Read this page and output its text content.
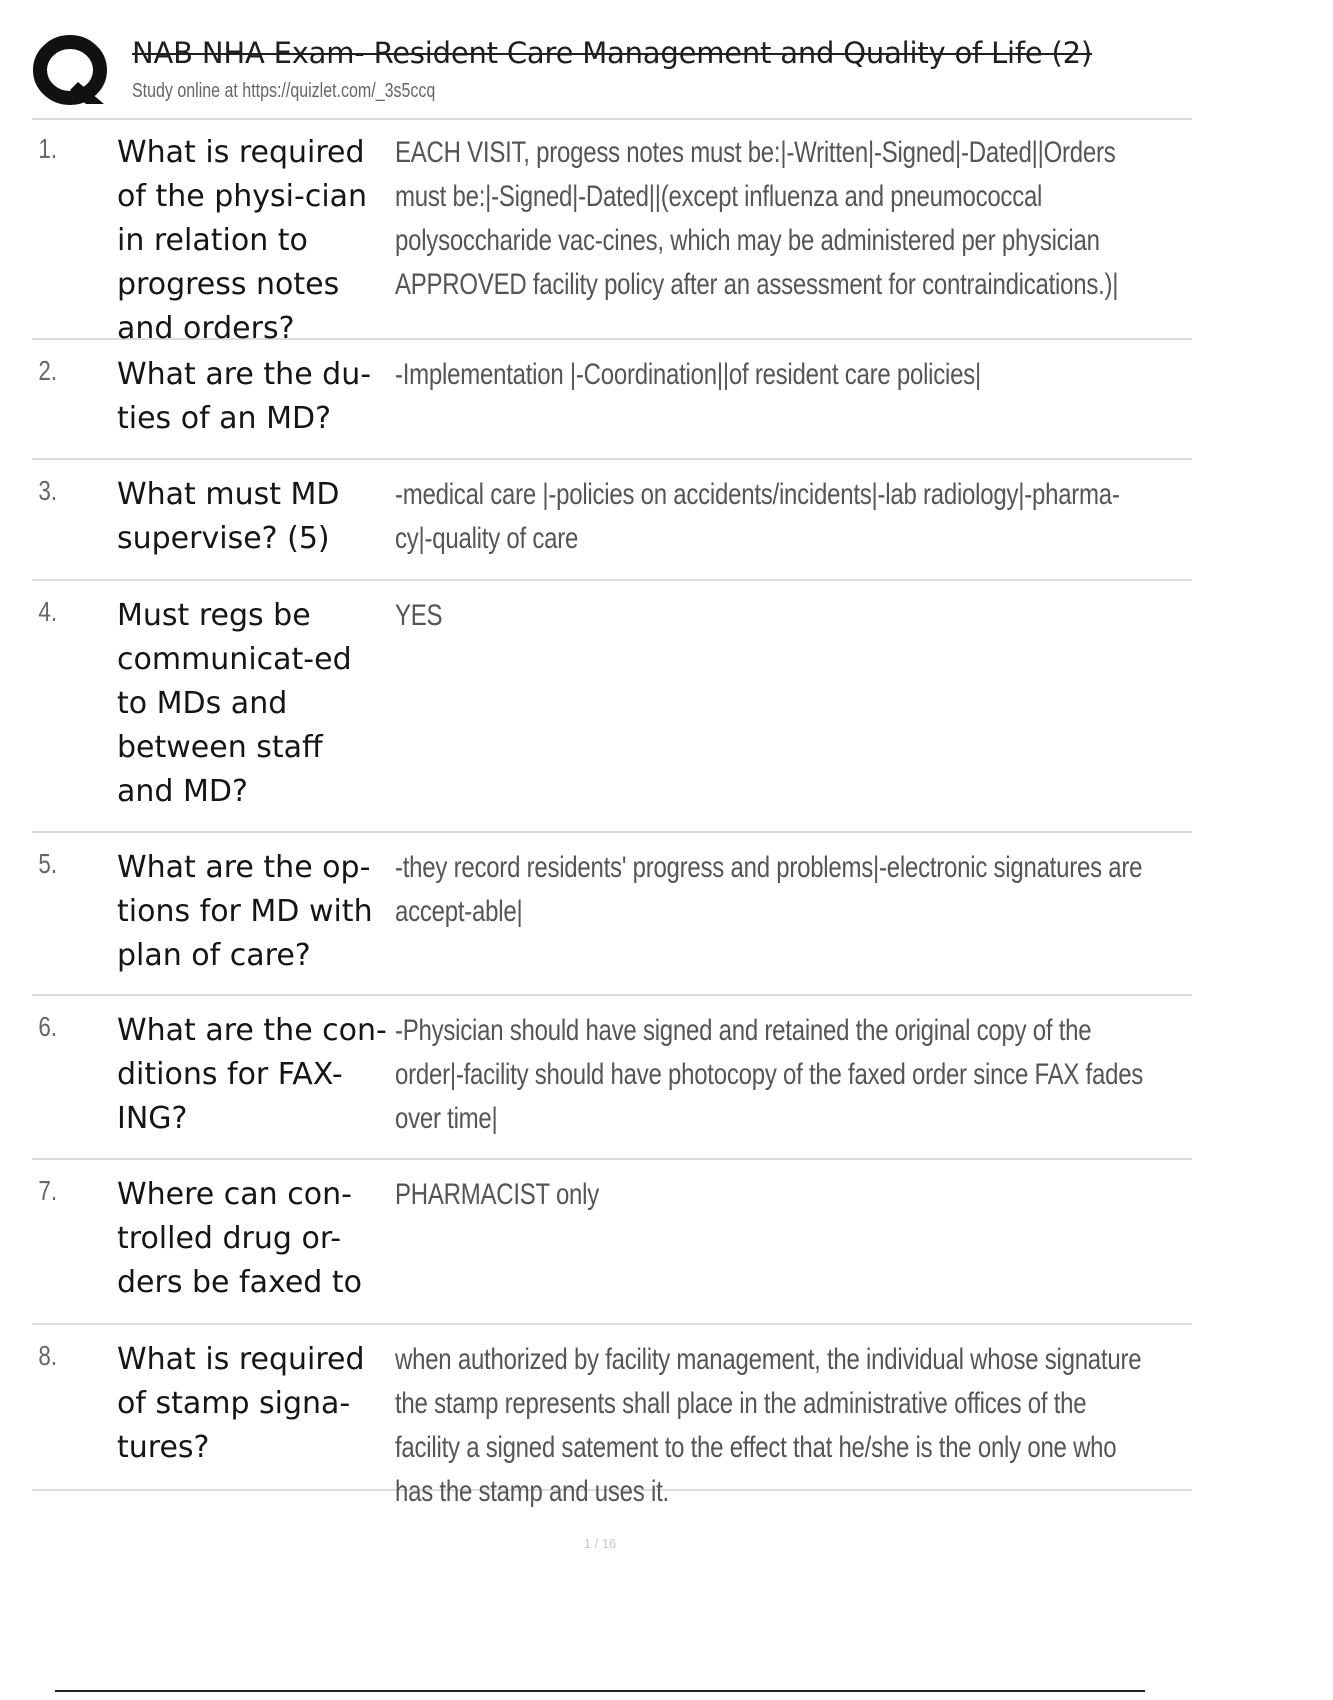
NAB NHA Exam- Resident Care Management and Quality of Life (2)
Study online at https://quizlet.com/_3s5ccq
1.	What is required of the physi-cian in relation to progress notes and orders?
EACH VISIT, progess notes must be:|-Written|-Signed|-Dated||Orders must be:|-Signed|-Dated||(except influenza and pneumococcal polysoccharide vac-cines, which may be administered per physician APPROVED facility policy after an assessment for contraindications.)|
2.	What are the du-ties of an MD?
-Implementation |-Coordination||of resident care policies|
3.	What must MD supervise? (5)
-medical care |-policies on accidents/incidents|-lab radiology|-pharma-cy|-quality of care
4.	Must regs be communicat-ed to MDs and between staff and MD?
YES
5.	What are the op-tions for MD with plan of care?
-they record residents' progress and problems|-electronic signatures are accept-able|
6.	What are the con-ditions for FAX-ING?
-Physician should have signed and retained the original copy of the order|-facility should have photocopy of the faxed order since FAX fades over time|
7.	Where can con-trolled drug or-ders be faxed to
PHARMACIST only
8.	What is required of stamp signa-tures?
when authorized by facility management, the individual whose signature the stamp represents shall place in the administrative offices of the facility a signed satement to the effect that he/she is the only one who has the stamp and uses it.
1 / 16
